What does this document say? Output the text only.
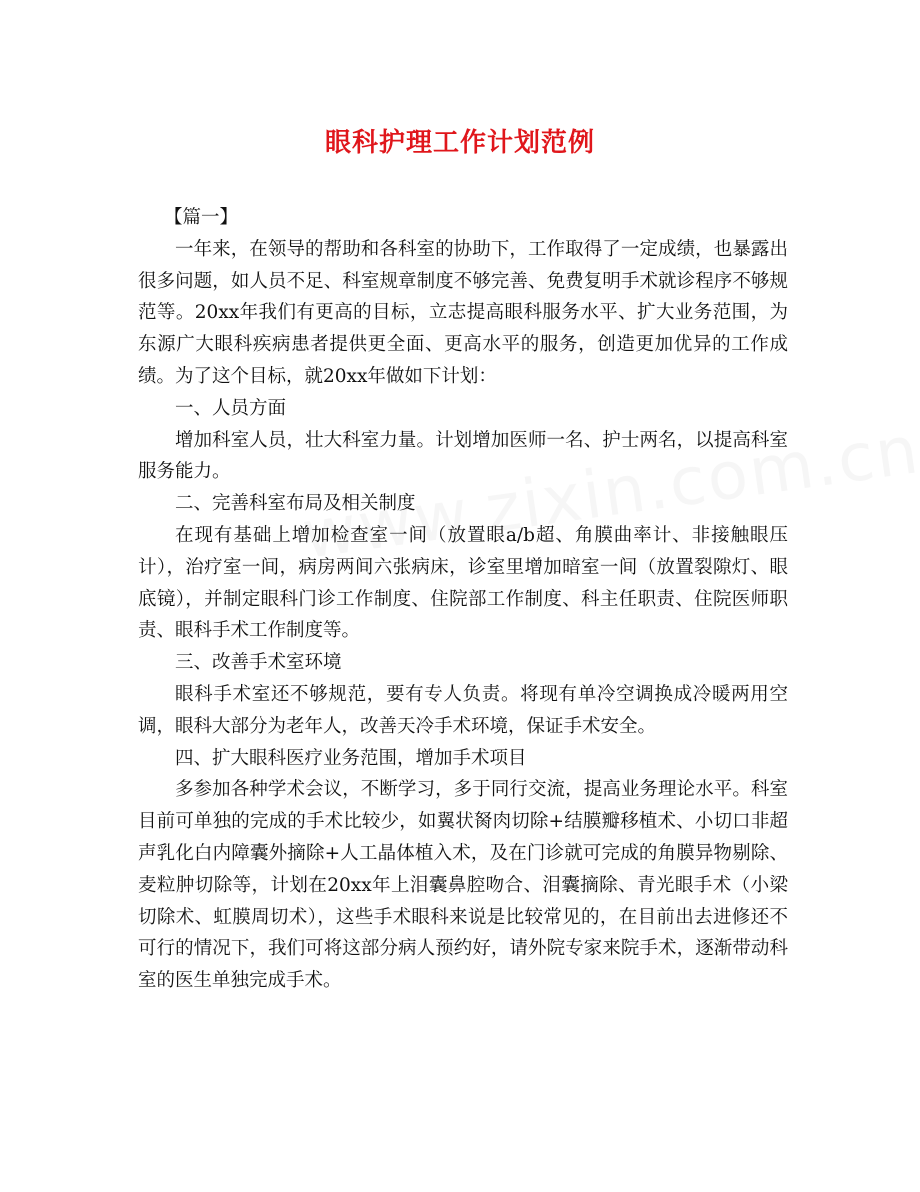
眼科护理工作计划范例

【篇一】

一年来，在领导的帮助和各科室的协助下，工作取得了一定成绩，也暴露出很多问题，如人员不足、科室规章制度不够完善、免费复明手术就诊程序不够规范等。20xx年我们有更高的目标，立志提高眼科服务水平、扩大业务范围，为东源广大眼科疾病患者提供更全面、更高水平的服务，创造更加优异的工作成绩。为了这个目标，就20xx年做如下计划：

一、人员方面

增加科室人员，壮大科室力量。计划增加医师一名、护士两名，以提高科室服务能力。

二、完善科室布局及相关制度

在现有基础上增加检查室一间（放置眼a/b超、角膜曲率计、非接触眼压计），治疗室一间，病房两间六张病床，诊室里增加暗室一间（放置裂隙灯、眼底镜），并制定眼科门诊工作制度、住院部工作制度、科主任职责、住院医师职责、眼科手术工作制度等。

三、改善手术室环境

眼科手术室还不够规范，要有专人负责。将现有单冷空调换成冷暖两用空调，眼科大部分为老年人，改善天冷手术环境，保证手术安全。

四、扩大眼科医疗业务范围，增加手术项目

多参加各种学术会议，不断学习，多于同行交流，提高业务理论水平。科室目前可单独的完成的手术比较少，如翼状胬肉切除+结膜瓣移植术、小切口非超声乳化白内障囊外摘除+人工晶体植入术，及在门诊就可完成的角膜异物剔除、麦粒肿切除等，计划在20xx年上泪囊鼻腔吻合、泪囊摘除、青光眼手术（小梁切除术、虹膜周切术），这些手术眼科来说是比较常见的，在目前出去进修还不可行的情况下，我们可将这部分病人预约好，请外院专家来院手术，逐渐带动科室的医生单独完成手术。
